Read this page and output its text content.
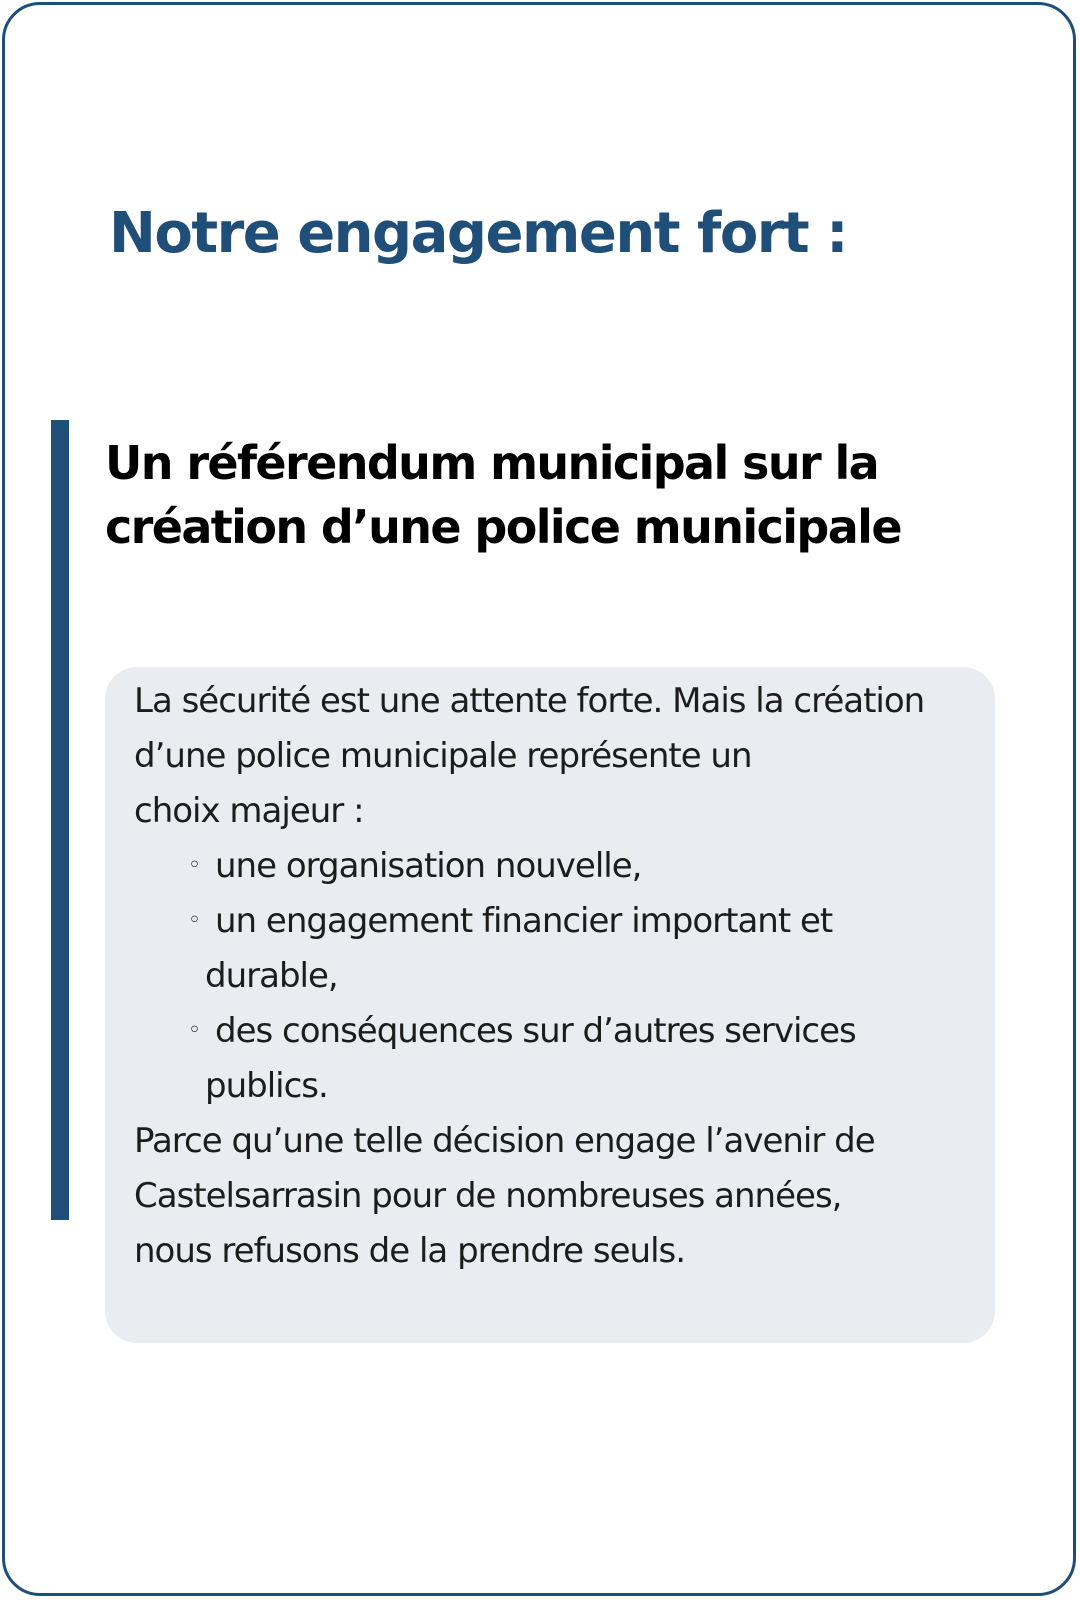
Notre engagement fort :
Un référendum municipal sur la
création d’une police municipale

La sécurité est une attente forte. Mais la création

d’une police municipale représente un

choix majeur :

◦ une organisation nouvelle,
◦ un engagement financier important et

durable,

◦ des conséquences sur d’autres services

publics.

Parce qu’une telle décision engage l’avenir de

Castelsarrasin pour de nombreuses années,

nous refusons de la prendre seuls.
